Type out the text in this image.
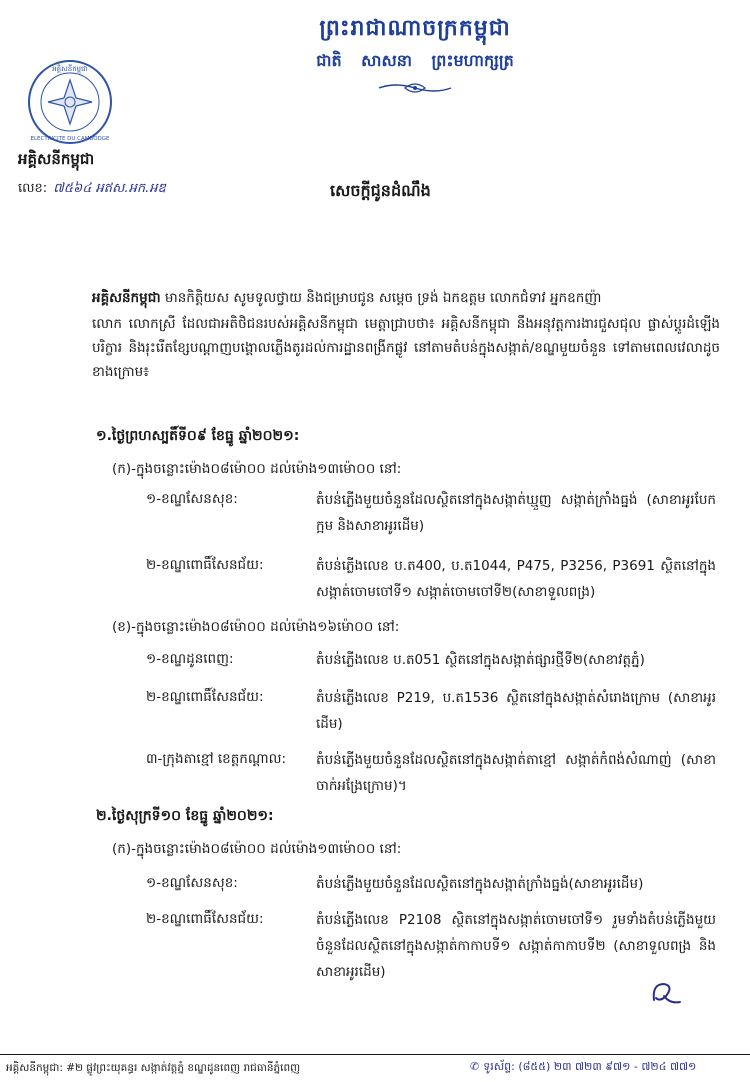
ព្រះរាជាណាចក្រកម្ពុជា
ជាតិ សាសនា ព្រះមហាក្សត្រ
អគ្គិសនីកម្ពុជា
ELECTRICITE DU CAMBODGE
អគ្គិសនីកម្ពុជា
លេខ: ៧៥៦៤ អឥស.អក.អឌ	សេចក្តីជូនដំណឹង
អគ្គិសនីកម្ពុជា មានកិត្តិយស សូមទូលថ្វាយ និងជម្រាបជូន សម្តេច ទ្រង់ ឯកឧត្តម លោកជំទាវ អ្នកឧកញ៉ា
លោក លោកស្រី ដែលជាអតិថិជនរបស់អគ្គិសនីកម្ពុជា មេត្តាជ្រាបថា៖ អគ្គិសនីកម្ពុជា នឹងអនុវត្តការងារជួសជុល ផ្លាស់ប្តូរដំឡើងបរិក្ខារ និងរុះរើតខ្សែបណ្តាញបង្គោលភ្លើងតូរដល់ការដ្ឋានពង្រីកផ្លូវ នៅតាមតំបន់ក្នុងសង្កាត់/ខណ្ឌមួយចំនួន ទៅតាមពេលវេលាដូចខាងក្រោម៖
១.ថ្ងៃព្រហស្បតិ៍ទី០៩ ខែធ្នូ ឆ្នាំ២០២១:
(ក)-ក្នុងចន្លោះម៉ោង០៨ម៉ោ០០ ដល់ម៉ោង១៣ម៉ោ០០ នៅ:
១-ខណ្ឌសែនសុខ:	តំបន់ភ្លើងមួយចំនួនដែលស្ថិតនៅក្នុងសង្កាត់ឃ្មួញ សង្កាត់ក្រាំងធ្នង់ (សាខាអូរបែកក្អម និងសាខាអូរដើម)
២-ខណ្ឌពោធិ៍សែនជ័យ:	តំបន់ភ្លើងលេខ ប.ត400, ប.ត1044, P475, P3256, P3691 ស្ថិតនៅក្នុងសង្កាត់ចោមចៅទី១ សង្កាត់ចោមចៅទី២(សាខាទួលពង្រ)
(ខ)-ក្នុងចន្លោះម៉ោង០៨ម៉ោ០០ ដល់ម៉ោង១៦ម៉ោ០០ នៅ:
១-ខណ្ឌដូនពេញ:	តំបន់ភ្លើងលេខ ប.ត051 ស្ថិតនៅក្នុងសង្កាត់ផ្សារថ្មីទី២(សាខាវត្តភ្នំ)
២-ខណ្ឌពោធិ៍សែនជ័យ:	តំបន់ភ្លើងលេខ P219, ប.ត1536 ស្ថិតនៅក្នុងសង្កាត់សំរោងក្រោម (សាខាអូរដើម)
៣-ក្រុងតាខ្មៅ ខេត្តកណ្តាល: តំបន់ភ្លើងមួយចំនួនដែលស្ថិតនៅក្នុងសង្កាត់តាខ្មៅ សង្កាត់កំពង់សំណាញ់ (សាខាចាក់អង្រែក្រោម)។
២.ថ្ងៃសុក្រទី១០ ខែធ្នូ ឆ្នាំ២០២១:
(ក)-ក្នុងចន្លោះម៉ោង០៨ម៉ោ០០ ដល់ម៉ោង១៣ម៉ោ០០ នៅ:
១-ខណ្ឌសែនសុខ:	តំបន់ភ្លើងមួយចំនួនដែលស្ថិតនៅក្នុងសង្កាត់ក្រាំងធ្នង់(សាខាអូរដើម)
២-ខណ្ឌពោធិ៍សែនជ័យ:	តំបន់ភ្លើងលេខ P2108 ស្ថិតនៅក្នុងសង្កាត់ចោមចៅទី១ រួមទាំងតំបន់ភ្លើងមួយចំនួនដែលស្ថិតនៅក្នុងសង្កាត់កាកាបទី១ សង្កាត់កាកាបទី២ (សាខាទួលពង្រ និងសាខាអូរដើម)
អគ្គិសនីកម្ពុជា: #២ ផ្លូវព្រះយុគន្ធរ សង្កាត់វត្តភ្នំ ខណ្ឌដូនពេញ រាជធានីភ្នំពេញ	✆ ទូរស័ព្ទ: (៨៥៥) ២៣ ៧២៣ ៩៧១ - ៧២៤ ៧៧១
